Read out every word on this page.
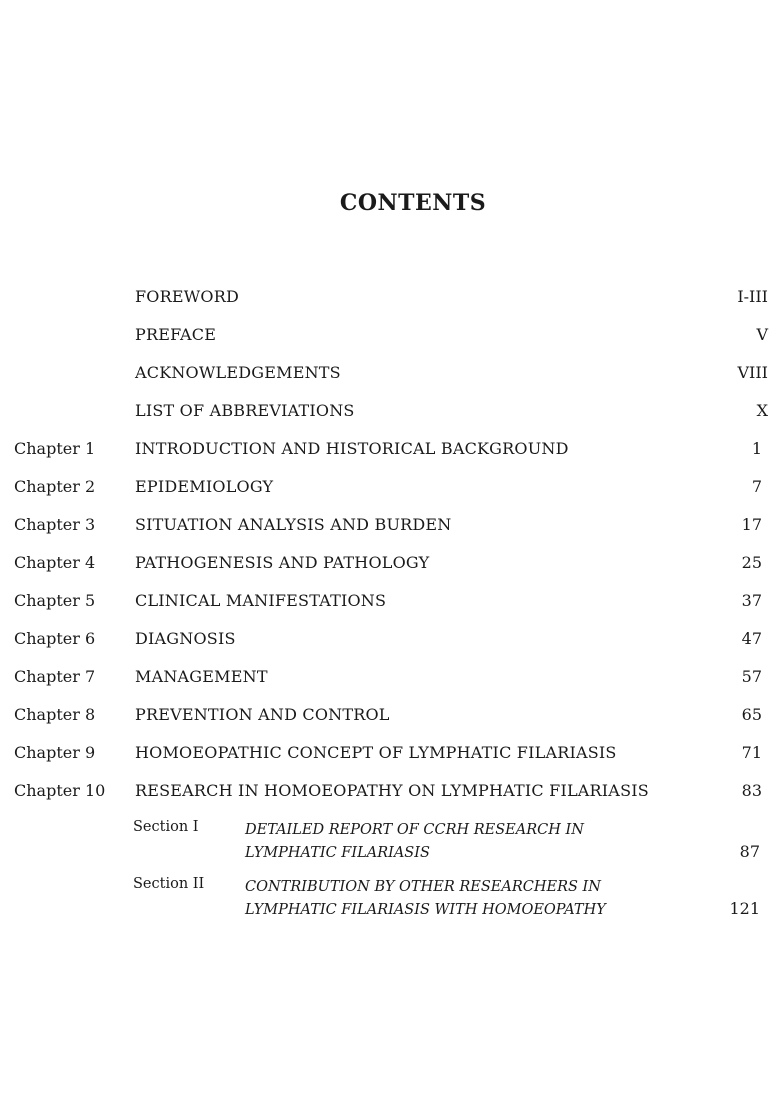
CONTENTS
FOREWORD	I-III
PREFACE	V
ACKNOWLEDGEMENTS	VIII
LIST OF ABBREVIATIONS	X
Chapter 1 INTRODUCTION AND HISTORICAL BACKGROUND	1
Chapter 2 EPIDEMIOLOGY	7
Chapter 3 SITUATION ANALYSIS AND BURDEN	17
Chapter 4 PATHOGENESIS AND PATHOLOGY	25
Chapter 5 CLINICAL MANIFESTATIONS	37
Chapter 6 DIAGNOSIS	47
Chapter 7 MANAGEMENT	57
Chapter 8 PREVENTION AND CONTROL	65
Chapter 9 HOMOEOPATHIC CONCEPT OF LYMPHATIC FILARIASIS	71
Chapter 10 RESEARCH IN HOMOEOPATHY ON LYMPHATIC FILARIASIS	83
Section I	DETAILED REPORT OF CCRH RESEARCH IN
LYMPHATIC FILARIASIS	87
Section II	CONTRIBUTION BY OTHER RESEARCHERS IN
LYMPHATIC FILARIASIS WITH HOMOEOPATHY	121
